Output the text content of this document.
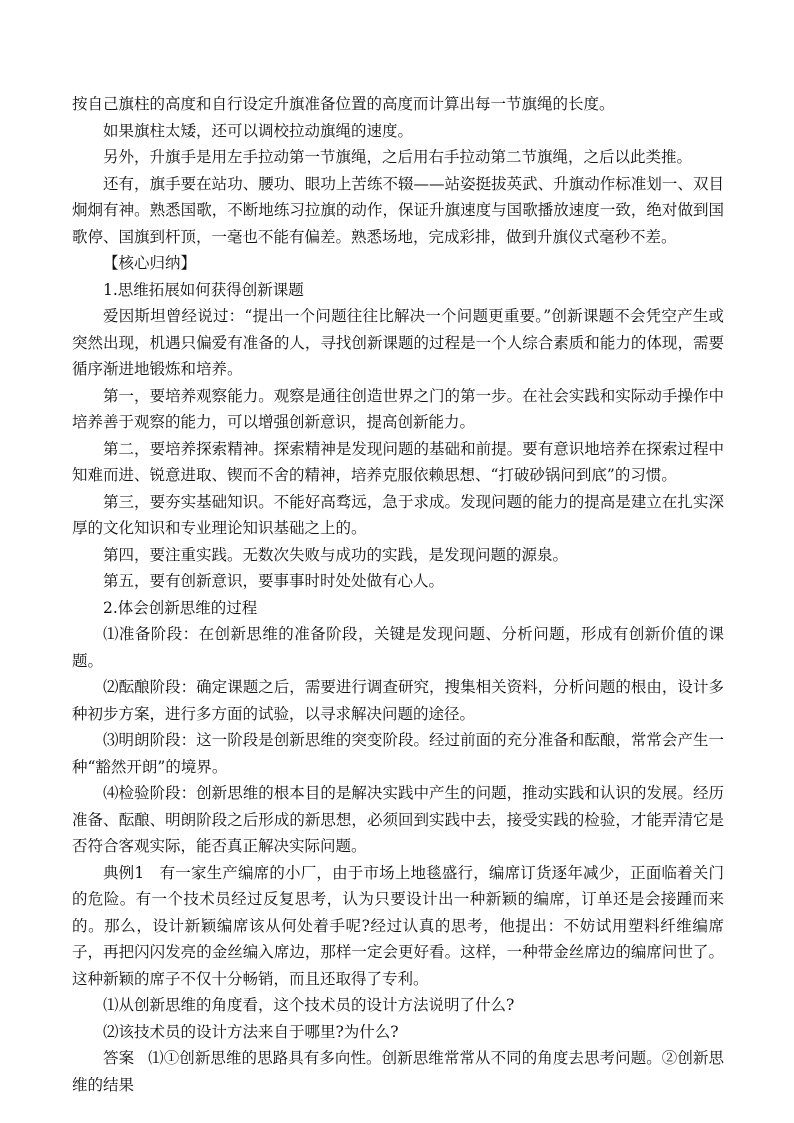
按自己旗柱的高度和自行设定升旗准备位置的高度而计算出每一节旗绳的长度。

如果旗柱太矮，还可以调校拉动旗绳的速度。

另外，升旗手是用左手拉动第一节旗绳，之后用右手拉动第二节旗绳，之后以此类推。

还有，旗手要在站功、腰功、眼功上苦练不辍——站姿挺拔英武、升旗动作标准划一、双目炯炯有神。熟悉国歌，不断地练习拉旗的动作，保证升旗速度与国歌播放速度一致，绝对做到国歌停、国旗到杆顶，一毫也不能有偏差。熟悉场地，完成彩排，做到升旗仪式毫秒不差。

【核心归纳】

1.思维拓展如何获得创新课题

爱因斯坦曾经说过：“提出一个问题往往比解决一个问题更重要。”创新课题不会凭空产生或突然出现，机遇只偏爱有准备的人，寻找创新课题的过程是一个人综合素质和能力的体现，需要循序渐进地锻炼和培养。

第一，要培养观察能力。观察是通往创造世界之门的第一步。在社会实践和实际动手操作中培养善于观察的能力，可以增强创新意识，提高创新能力。

第二，要培养探索精神。探索精神是发现问题的基础和前提。要有意识地培养在探索过程中知难而进、锐意进取、锲而不舍的精神，培养克服依赖思想、“打破砂锅问到底”的习惯。

第三，要夯实基础知识。不能好高骛远，急于求成。发现问题的能力的提高是建立在扎实深厚的文化知识和专业理论知识基础之上的。

第四，要注重实践。无数次失败与成功的实践，是发现问题的源泉。

第五，要有创新意识，要事事时时处处做有心人。

2.体会创新思维的过程

⑴准备阶段：在创新思维的准备阶段，关键是发现问题、分析问题，形成有创新价值的课题。

⑵酝酿阶段：确定课题之后，需要进行调查研究，搜集相关资料，分析问题的根由，设计多种初步方案，进行多方面的试验，以寻求解决问题的途径。

⑶明朗阶段：这一阶段是创新思维的突变阶段。经过前面的充分准备和酝酿，常常会产生一种“豁然开朗”的境界。

⑷检验阶段：创新思维的根本目的是解决实践中产生的问题，推动实践和认识的发展。经历准备、酝酿、明朗阶段之后形成的新思想，必须回到实践中去，接受实践的检验，才能弄清它是否符合客观实际，能否真正解决实际问题。

典例1 有一家生产编席的小厂，由于市场上地毯盛行，编席订货逐年减少，正面临着关门的危险。有一个技术员经过反复思考，认为只要设计出一种新颖的编席，订单还是会接踵而来的。那么，设计新颖编席该从何处着手呢?经过认真的思考，他提出：不妨试用塑料纤维编席子，再把闪闪发亮的金丝编入席边，那样一定会更好看。这样，一种带金丝席边的编席问世了。这种新颖的席子不仅十分畅销，而且还取得了专利。

⑴从创新思维的角度看，这个技术员的设计方法说明了什么?

⑵该技术员的设计方法来自于哪里?为什么?

答案 ⑴①创新思维的思路具有多向性。创新思维常常从不同的角度去思考问题。②创新思维的结果
